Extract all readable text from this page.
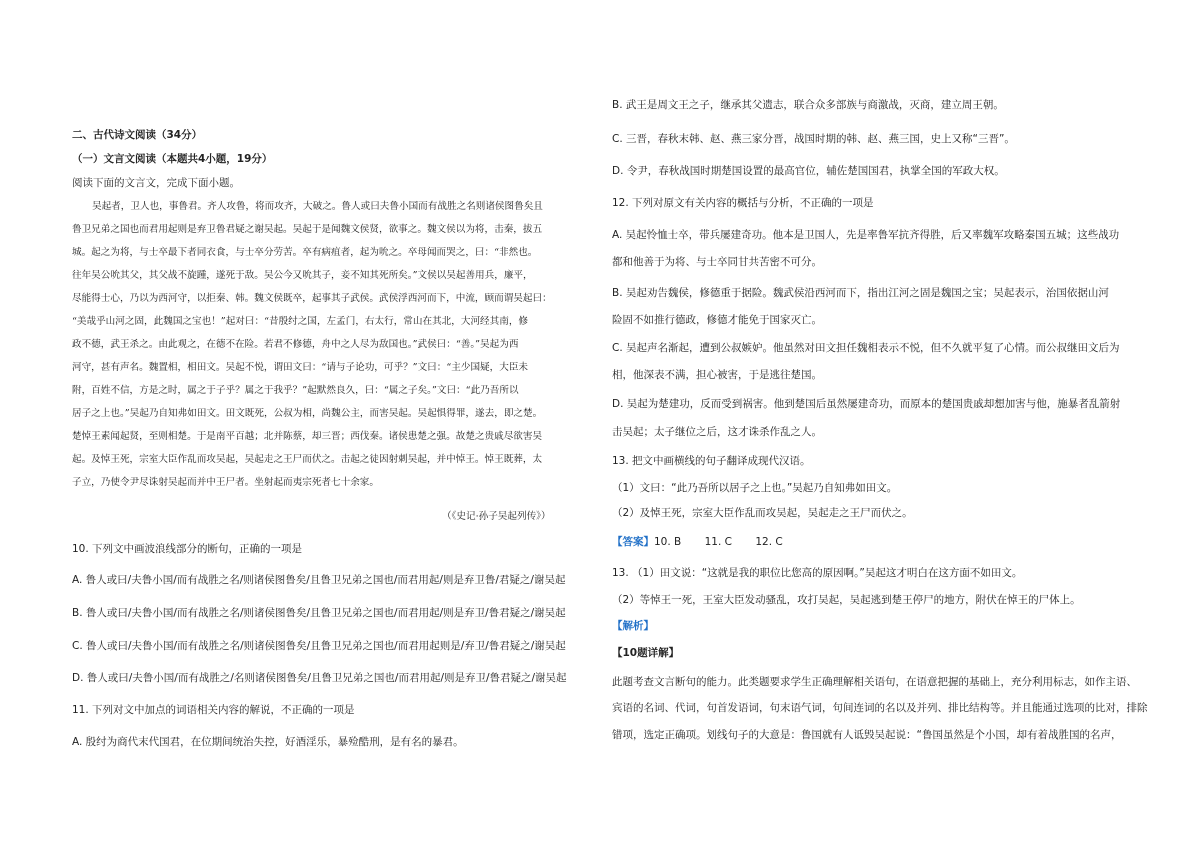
二、古代诗文阅读（34分）
（一）文言文阅读（本题共4小题，19分）
阅读下面的文言文，完成下面小题。
吴起者，卫人也，事鲁君。齐人攻鲁，将而攻齐，大破之。鲁人或曰夫鲁小国而有战胜之名则诸侯图鲁矣且
鲁卫兄弟之国也而君用起则是弃卫鲁君疑之谢吴起。吴起于是闻魏文侯贤，欲事之。魏文侯以为将，击秦，拔五
城。起之为将，与士卒最下者同衣食，与士卒分劳苦。卒有病疽者，起为吮之。卒母闻而哭之，曰：“非然也。
往年吴公吮其父，其父战不旋踵，遂死于敌。吴公今又吮其子，妾不知其死所矣。”文侯以吴起善用兵，廉平，
尽能得士心，乃以为西河守，以拒秦、韩。魏文侯既卒，起事其子武侯。武侯浮西河而下，中流，顾而谓吴起曰：
“美哉乎山河之固，此魏国之宝也！”起对曰：“昔殷纣之国，左孟门，右太行，常山在其北，大河经其南，修
政不德，武王杀之。由此观之，在德不在险。若君不修德，舟中之人尽为敌国也。”武侯曰：“善。”吴起为西
河守，甚有声名。魏置相，相田文。吴起不悦，谓田文曰：“请与子论功，可乎？”文曰：“主少国疑，大臣未
附，百姓不信，方是之时，属之于子乎？属之于我乎？”起默然良久，曰：“属之子矣。”文曰：“此乃吾所以
居子之上也。”吴起乃自知弗如田文。田文既死，公叔为相，尚魏公主，而害吴起。吴起惧得罪，遂去，即之楚。
楚悼王素闻起贤，至则相楚。于是南平百越；北并陈蔡，却三晋；西伐秦。诸侯患楚之强。故楚之贵戚尽欲害吴
起。及悼王死，宗室大臣作乱而攻吴起，吴起走之王尸而伏之。击起之徒因射刺吴起，并中悼王。悼王既葬，太
子立，乃使令尹尽诛射吴起而并中王尸者。坐射起而夷宗死者七十余家。
（《史记·孙子吴起列传》）
10. 下列文中画波浪线部分的断句，正确的一项是
A. 鲁人或曰/夫鲁小国/而有战胜之名/则诸侯图鲁矣/且鲁卫兄弟之国也/而君用起/则是弃卫鲁/君疑之/谢吴起
B. 鲁人或曰/夫鲁小国/而有战胜之名/则诸侯图鲁矣/且鲁卫兄弟之国也/而君用起/则是弃卫/鲁君疑之/谢吴起
C. 鲁人或曰/夫鲁小国/而有战胜之名/则诸侯图鲁矣/且鲁卫兄弟之国也/而君用起则是/弃卫/鲁君疑之/谢吴起
D. 鲁人或曰/夫鲁小国/而有战胜之/名则诸侯图鲁矣/且鲁卫兄弟之国也/而君用起/则是弃卫/鲁君疑之/谢吴起
11. 下列对文中加点的词语相关内容的解说，不正确的一项是
A. 殷纣为商代末代国君，在位期间统治失控，好酒淫乐，暴殓酷刑，是有名的暴君。
B. 武王是周文王之子，继承其父遗志，联合众多部族与商激战，灭商，建立周王朝。
C. 三晋，春秋末韩、赵、燕三家分晋，战国时期的韩、赵、燕三国，史上又称“三晋”。
D. 令尹，春秋战国时期楚国设置的最高官位，辅佐楚国国君，执掌全国的军政大权。
12. 下列对原文有关内容的概括与分析，不正确的一项是
A. 吴起怜恤士卒，带兵屡建奇功。他本是卫国人，先是率鲁军抗齐得胜，后又率魏军攻略秦国五城；这些战功
都和他善于为将、与士卒同甘共苦密不可分。
B. 吴起劝告魏侯，修德重于据险。魏武侯沿西河而下，指出江河之固是魏国之宝；吴起表示，治国依据山河
险固不如推行德政，修德才能免于国家灭亡。
C. 吴起声名渐起，遭到公叔嫉妒。他虽然对田文担任魏相表示不悦，但不久就平复了心情。而公叔继田文后为
相，他深表不满，担心被害，于是逃往楚国。
D. 吴起为楚建功，反而受到祸害。他到楚国后虽然屡建奇功，而原本的楚国贵戚却想加害与他，施暴者乱箭射
击吴起；太子继位之后，这才诛杀作乱之人。
13. 把文中画横线的句子翻译成现代汉语。
（1）文曰：“此乃吾所以居子之上也。”吴起乃自知弗如田文。
（2）及悼王死，宗室大臣作乱而攻吴起，吴起走之王尸而伏之。
【答案】10. B       11. C       12. C
13. （1）田文说：“这就是我的职位比您高的原因啊。”吴起这才明白在这方面不如田文。
（2）等悼王一死，王室大臣发动骚乱，攻打吴起，吴起逃到楚王停尸的地方，附伏在悼王的尸体上。
【解析】
【10题详解】
此题考查文言断句的能力。此类题要求学生正确理解相关语句，在语意把握的基础上，充分利用标志，如作主语、
宾语的名词、代词，句首发语词，句末语气词，句间连词的名以及并列、排比结构等。并且能通过选项的比对，排除
错项，选定正确项。划线句子的大意是：鲁国就有人诋毁吴起说：“鲁国虽然是个小国，却有着战胜国的名声，
